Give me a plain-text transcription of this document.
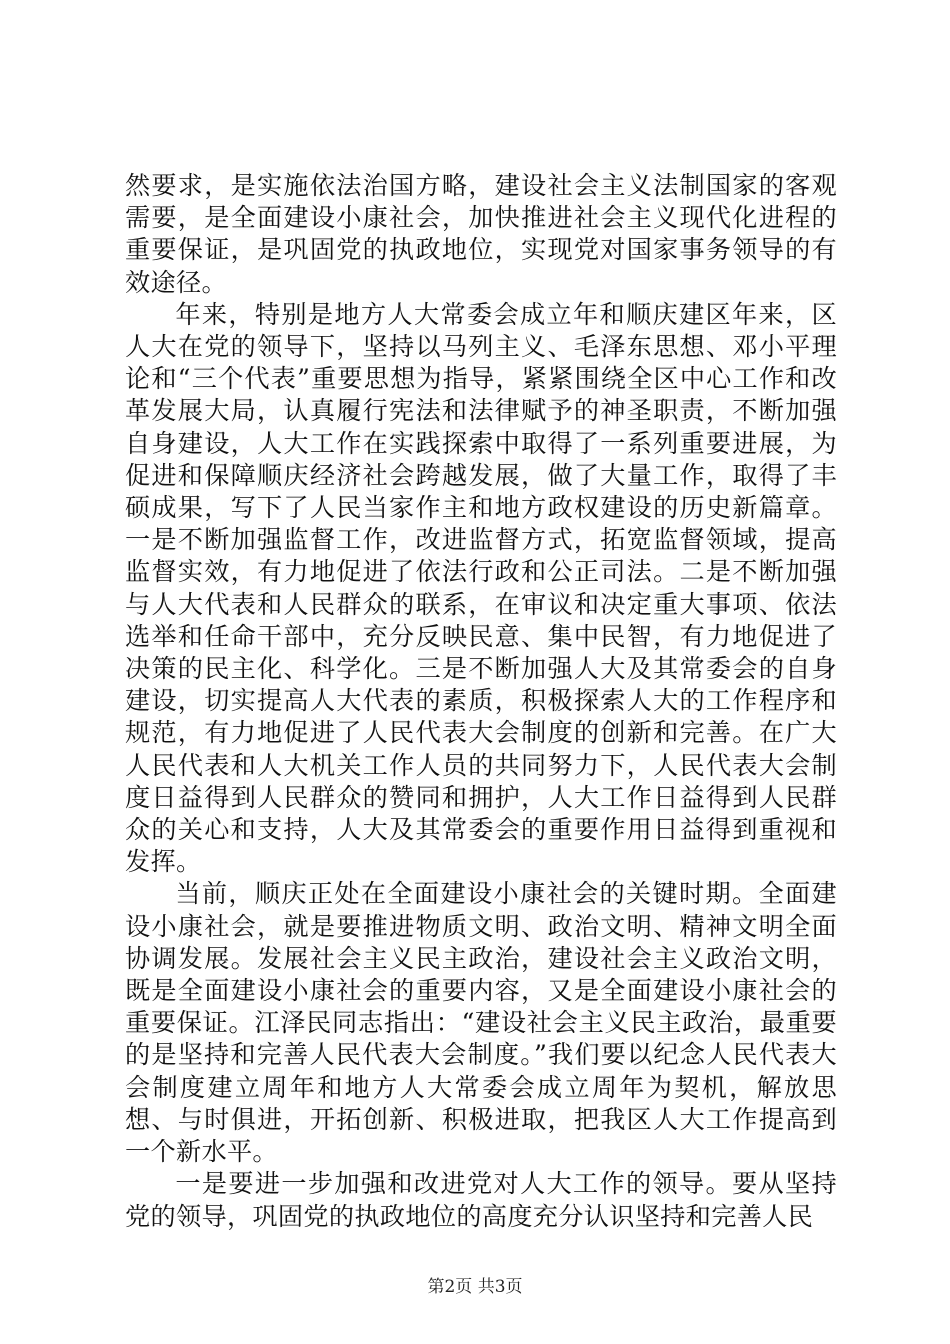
然要求，是实施依法治国方略，建设社会主义法制国家的客观需要，是全面建设小康社会，加快推进社会主义现代化进程的重要保证，是巩固党的执政地位，实现党对国家事务领导的有效途径。

年来，特别是地方人大常委会成立年和顺庆建区年来，区人大在党的领导下，坚持以马列主义、毛泽东思想、邓小平理论和“三个代表”重要思想为指导，紧紧围绕全区中心工作和改革发展大局，认真履行宪法和法律赋予的神圣职责，不断加强自身建设，人大工作在实践探索中取得了一系列重要进展，为促进和保障顺庆经济社会跨越发展，做了大量工作，取得了丰硕成果，写下了人民当家作主和地方政权建设的历史新篇章。一是不断加强监督工作，改进监督方式，拓宽监督领域，提高监督实效，有力地促进了依法行政和公正司法。二是不断加强与人大代表和人民群众的联系，在审议和决定重大事项、依法选举和任命干部中，充分反映民意、集中民智，有力地促进了决策的民主化、科学化。三是不断加强人大及其常委会的自身建设，切实提高人大代表的素质，积极探索人大的工作程序和规范，有力地促进了人民代表大会制度的创新和完善。在广大人民代表和人大机关工作人员的共同努力下，人民代表大会制度日益得到人民群众的赞同和拥护，人大工作日益得到人民群众的关心和支持，人大及其常委会的重要作用日益得到重视和发挥。

当前，顺庆正处在全面建设小康社会的关键时期。全面建设小康社会，就是要推进物质文明、政治文明、精神文明全面协调发展。发展社会主义民主政治，建设社会主义政治文明，既是全面建设小康社会的重要内容，又是全面建设小康社会的重要保证。江泽民同志指出：“建设社会主义民主政治，最重要的是坚持和完善人民代表大会制度。”我们要以纪念人民代表大会制度建立周年和地方人大常委会成立周年为契机，解放思想、与时俱进，开拓创新、积极进取，把我区人大工作提高到一个新水平。

一是要进一步加强和改进党对人大工作的领导。要从坚持党的领导，巩固党的执政地位的高度充分认识坚持和完善人民

第2页 共3页
